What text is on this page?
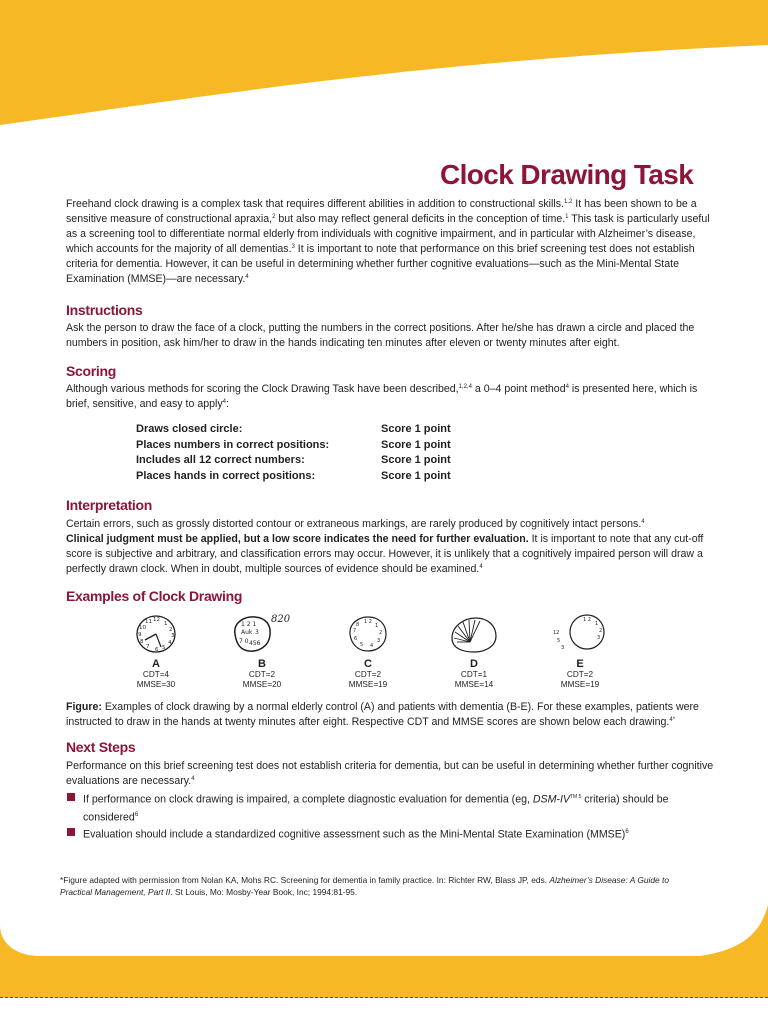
Clock Drawing Task

Freehand clock drawing is a complex task that requires different abilities in addition to constructional skills.$^{1,2}$ It has been shown to be a sensitive measure of constructional apraxia,$^2$ but also may reflect general deficits in the conception of time.$^1$ This task is particularly useful as a screening tool to differentiate normal elderly from individuals with cognitive impairment, and in particular with Alzheimer’s disease, which accounts for the majority of all dementias.$^3$ It is important to note that performance on this brief screening test does not establish criteria for dementia. However, it can be useful in determining whether further cognitive evaluations—such as the Mini-Mental State Examination (MMSE)—are necessary.$^4$

Instructions

Ask the person to draw the face of a clock, putting the numbers in the correct positions. After he/she has drawn a circle and placed the numbers in position, ask him/her to draw in the hands indicating ten minutes after eleven or twenty minutes after eight.

Scoring

Although various methods for scoring the Clock Drawing Task have been described,$^{1,2,4}$ a 0–4 point method$^4$ is presented here, which is brief, sensitive, and easy to apply$^4$:

Draws closed circle:	Score 1 point
Places numbers in correct positions:	Score 1 point
Includes all 12 correct numbers:	Score 1 point
Places hands in correct positions:	Score 1 point
Interpretation

Certain errors, such as grossly distorted contour or extraneous markings, are rarely produced by cognitively intact persons.$^4$
Clinical judgment must be applied, but a low score indicates the need for further evaluation. It is important to note that any cut-off score is subjective and arbitrary, and classification errors may occur. However, it is unlikely that a cognitively impaired person will draw a perfectly drawn clock. When in doubt, multiple sources of evidence should be examined.$^4$

Examples of Clock Drawing
12
1
2
3
4
5
6
7
8
9
10
11
A
CDT=4
MMSE=30
1 2 1
Auk 3
7 0 456
820
B
CDT=2
MMSE=20
1 2
1
2
3
4
5
6
7
8
C
CDT=2
MMSE=19
D
CDT=1
MMSE=14
1 2
1
2
3
12
5
3
E
CDT=2
MMSE=19

Figure: Examples of clock drawing by a normal elderly control (A) and patients with dementia (B-E). For these examples, patients were instructed to draw in the hands at twenty minutes after eight. Respective CDT and MMSE scores are shown below each drawing.$^{4*}$

Next Steps

Performance on this brief screening test does not establish criteria for dementia, but can be useful in determining whether further cognitive evaluations are necessary.$^4$

If performance on clock drawing is impaired, a complete diagnostic evaluation for dementia (eg, DSM-$IV^{TM 5}$ criteria) should be considered$^6$
Evaluation should include a standardized cognitive assessment such as the Mini-Mental State Examination (MMSE)$^6$

*Figure adapted with permission from Nolan KA, Mohs RC. Screening for dementia in family practice. In: Richter RW, Blass JP, eds. Alzheimer’s Disease: A Guide to Practical Management, Part II. St Louis, Mo: Mosby-Year Book, Inc; 1994:81-95.
